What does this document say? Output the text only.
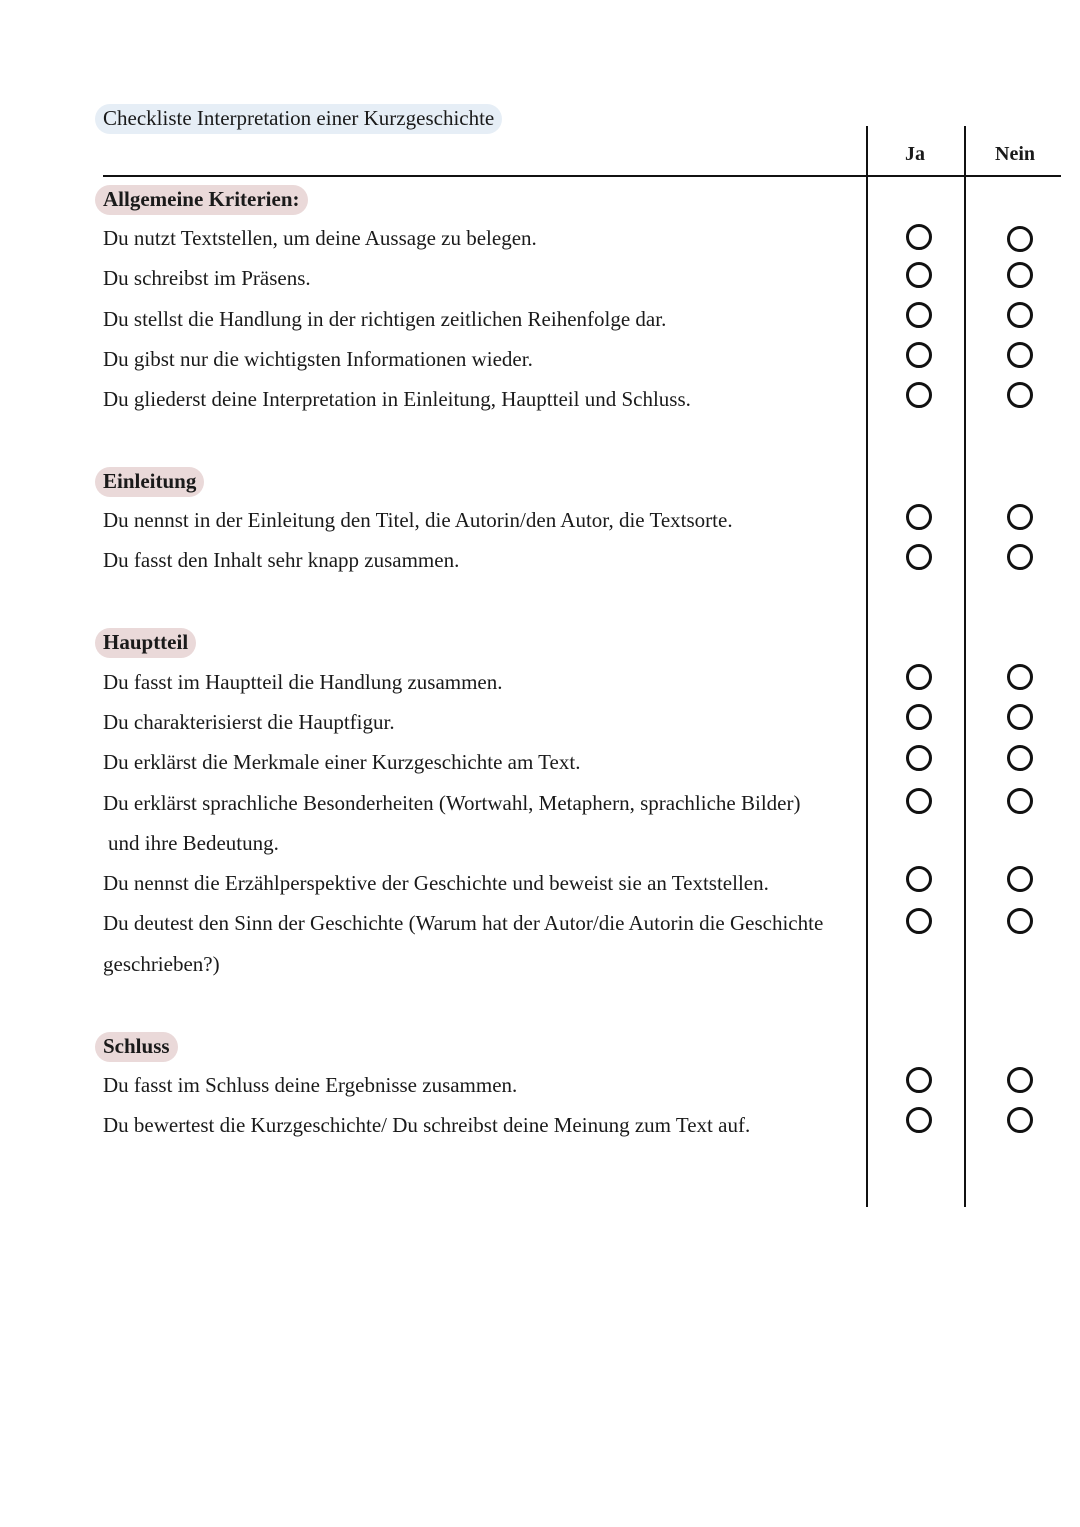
Checkliste Interpretation einer Kurzgeschichte
Ja	Nein
Allgemeine Kriterien:
Du nutzt Textstellen, um deine Aussage zu belegen.
Du schreibst im Präsens.
Du stellst die Handlung in der richtigen zeitlichen Reihenfolge dar.
Du gibst nur die wichtigsten Informationen wieder.
Du gliederst deine Interpretation in Einleitung, Hauptteil und Schluss.
Einleitung
Du nennst in der Einleitung den Titel, die Autorin/den Autor, die Textsorte.
Du fasst den Inhalt sehr knapp zusammen.
Hauptteil
Du fasst im Hauptteil die Handlung zusammen.
Du charakterisierst die Hauptfigur.
Du erklärst die Merkmale einer Kurzgeschichte am Text.
Du erklärst sprachliche Besonderheiten (Wortwahl, Metaphern, sprachliche Bilder)
und ihre Bedeutung.
Du nennst die Erzählperspektive der Geschichte und beweist sie an Textstellen.
Du deutest den Sinn der Geschichte (Warum hat der Autor/die Autorin die Geschichte
geschrieben?)
Schluss
Du fasst im Schluss deine Ergebnisse zusammen.
Du bewertest die Kurzgeschichte/ Du schreibst deine Meinung zum Text auf.
